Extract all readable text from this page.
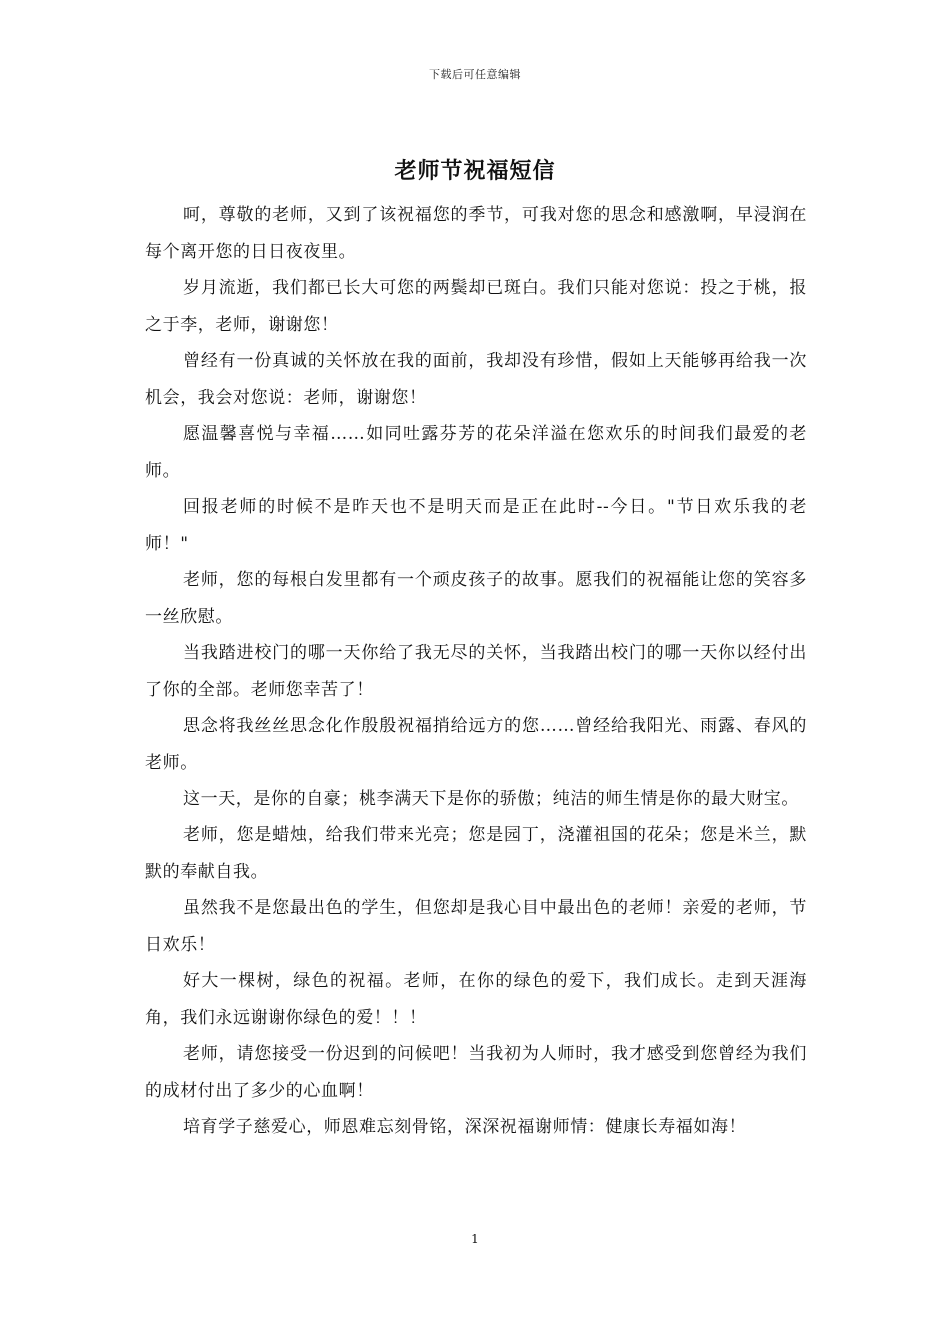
下载后可任意编辑
老师节祝福短信

呵，尊敬的老师，又到了该祝福您的季节，可我对您的思念和感激啊，早浸润在每个离开您的日日夜夜里。

岁月流逝，我们都已长大可您的两鬓却已斑白。我们只能对您说：投之于桃，报之于李，老师，谢谢您！

曾经有一份真诚的关怀放在我的面前，我却没有珍惜，假如上天能够再给我一次机会，我会对您说：老师，谢谢您！

愿温馨喜悦与幸福……如同吐露芬芳的花朵洋溢在您欢乐的时间我们最爱的老师。

回报老师的时候不是昨天也不是明天而是正在此时--今日。"节日欢乐我的老师！"

老师，您的每根白发里都有一个顽皮孩子的故事。愿我们的祝福能让您的笑容多一丝欣慰。

当我踏进校门的哪一天你给了我无尽的关怀，当我踏出校门的哪一天你以经付出了你的全部。老师您幸苦了！

思念将我丝丝思念化作殷殷祝福捎给远方的您……曾经给我阳光、雨露、春风的老师。

这一天，是你的自豪；桃李满天下是你的骄傲；纯洁的师生情是你的最大财宝。

老师，您是蜡烛，给我们带来光亮；您是园丁，浇灌祖国的花朵；您是米兰，默默的奉献自我。

虽然我不是您最出色的学生，但您却是我心目中最出色的老师！亲爱的老师，节日欢乐！

好大一棵树，绿色的祝福。老师，在你的绿色的爱下，我们成长。走到天涯海角，我们永远谢谢你绿色的爱！！！

老师，请您接受一份迟到的问候吧！当我初为人师时，我才感受到您曾经为我们的成材付出了多少的心血啊！

培育学子慈爱心，师恩难忘刻骨铭，深深祝福谢师情：健康长寿福如海！

1
